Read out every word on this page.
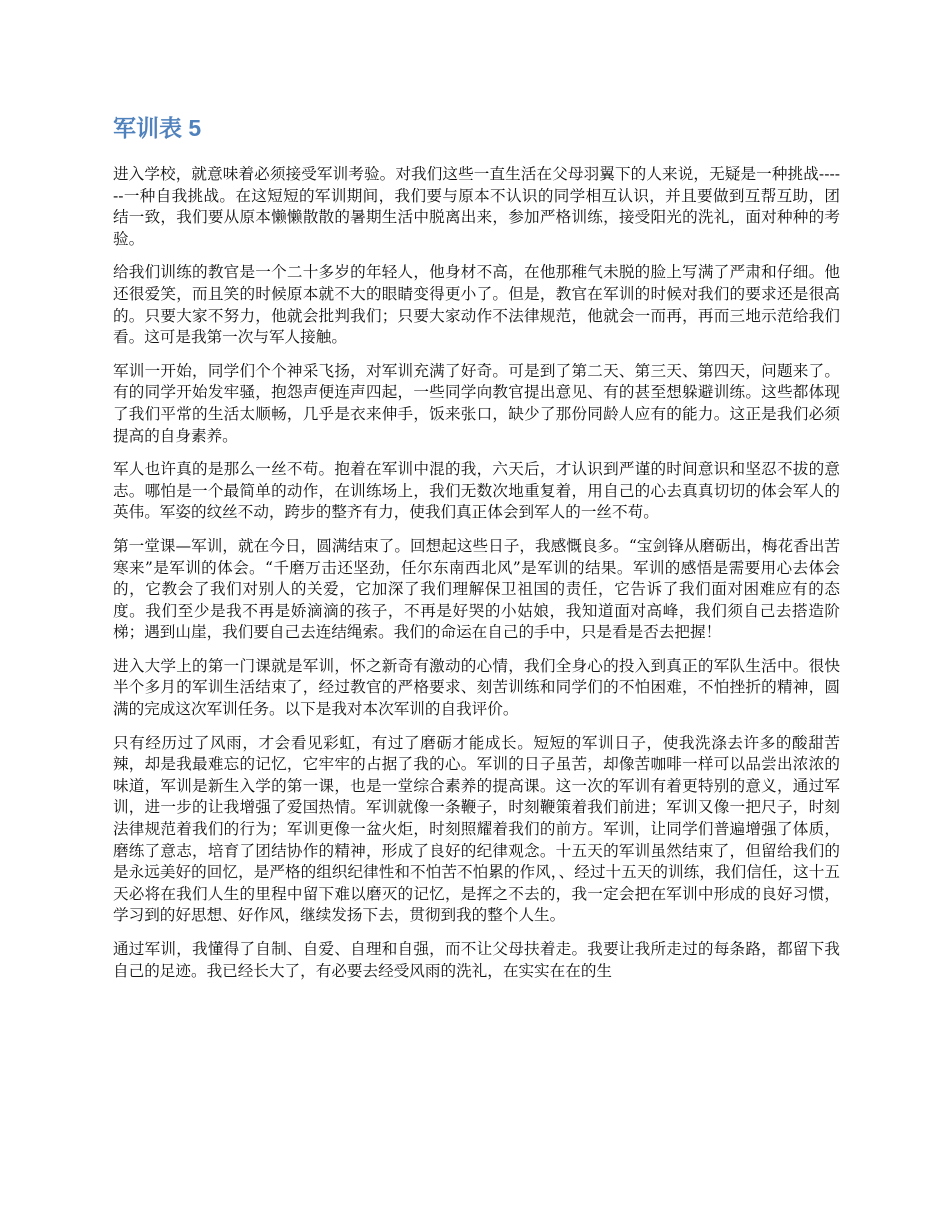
军训表 5

进入学校，就意味着必须接受军训考验。对我们这些一直生活在父母羽翼下的人来说，无疑是一种挑战------一种自我挑战。在这短短的军训期间，我们要与原本不认识的同学相互认识，并且要做到互帮互助，团结一致，我们要从原本懒懒散散的暑期生活中脱离出来，参加严格训练，接受阳光的洗礼，面对种种的考验。

给我们训练的教官是一个二十多岁的年轻人，他身材不高，在他那稚气未脱的脸上写满了严肃和仔细。他还很爱笑，而且笑的时候原本就不大的眼睛变得更小了。但是，教官在军训的时候对我们的要求还是很高的。只要大家不努力，他就会批判我们；只要大家动作不法律规范，他就会一而再，再而三地示范给我们看。这可是我第一次与军人接触。

军训一开始，同学们个个神采飞扬，对军训充满了好奇。可是到了第二天、第三天、第四天，问题来了。有的同学开始发牢骚，抱怨声便连声四起，一些同学向教官提出意见、有的甚至想躲避训练。这些都体现了我们平常的生活太顺畅，几乎是衣来伸手，饭来张口，缺少了那份同龄人应有的能力。这正是我们必须提高的自身素养。

军人也许真的是那么一丝不苟。抱着在军训中混的我，六天后，才认识到严谨的时间意识和坚忍不拔的意志。哪怕是一个最简单的动作，在训练场上，我们无数次地重复着，用自己的心去真真切切的体会军人的英伟。军姿的纹丝不动，跨步的整齐有力，使我们真正体会到军人的一丝不苟。

第一堂课—军训，就在今日，圆满结束了。回想起这些日子，我感慨良多。“宝剑锋从磨砺出，梅花香出苦寒来”是军训的体会。“千磨万击还坚劲，任尔东南西北风”是军训的结果。军训的感悟是需要用心去体会的，它教会了我们对别人的关爱，它加深了我们理解保卫祖国的责任，它告诉了我们面对困难应有的态度。我们至少是我不再是娇滴滴的孩子，不再是好哭的小姑娘，我知道面对高峰，我们须自己去搭造阶梯；遇到山崖，我们要自己去连结绳索。我们的命运在自己的手中，只是看是否去把握！

进入大学上的第一门课就是军训，怀之新奇有激动的心情，我们全身心的投入到真正的军队生活中。很快半个多月的军训生活结束了，经过教官的严格要求、刻苦训练和同学们的不怕困难，不怕挫折的精神，圆满的完成这次军训任务。以下是我对本次军训的自我评价。

只有经历过了风雨，才会看见彩虹，有过了磨砺才能成长。短短的军训日子，使我洗涤去许多的酸甜苦辣，却是我最难忘的记忆，它牢牢的占据了我的心。军训的日子虽苦，却像苦咖啡一样可以品尝出浓浓的味道，军训是新生入学的第一课，也是一堂综合素养的提高课。这一次的军训有着更特别的意义，通过军训，进一步的让我增强了爱国热情。军训就像一条鞭子，时刻鞭策着我们前进；军训又像一把尺子，时刻法律规范着我们的行为；军训更像一盆火炬，时刻照耀着我们的前方。军训，让同学们普遍增强了体质，磨练了意志，培育了团结协作的精神，形成了良好的纪律观念。十五天的军训虽然结束了，但留给我们的是永远美好的回忆，是严格的组织纪律性和不怕苦不怕累的作风，、经过十五天的训练，我们信任，这十五天必将在我们人生的里程中留下难以磨灭的记忆，是挥之不去的，我一定会把在军训中形成的良好习惯，学习到的好思想、好作风，继续发扬下去，贯彻到我的整个人生。

通过军训，我懂得了自制、自爱、自理和自强，而不让父母扶着走。我要让我所走过的每条路，都留下我自己的足迹。我已经长大了，有必要去经受风雨的洗礼，在实实在在的生
